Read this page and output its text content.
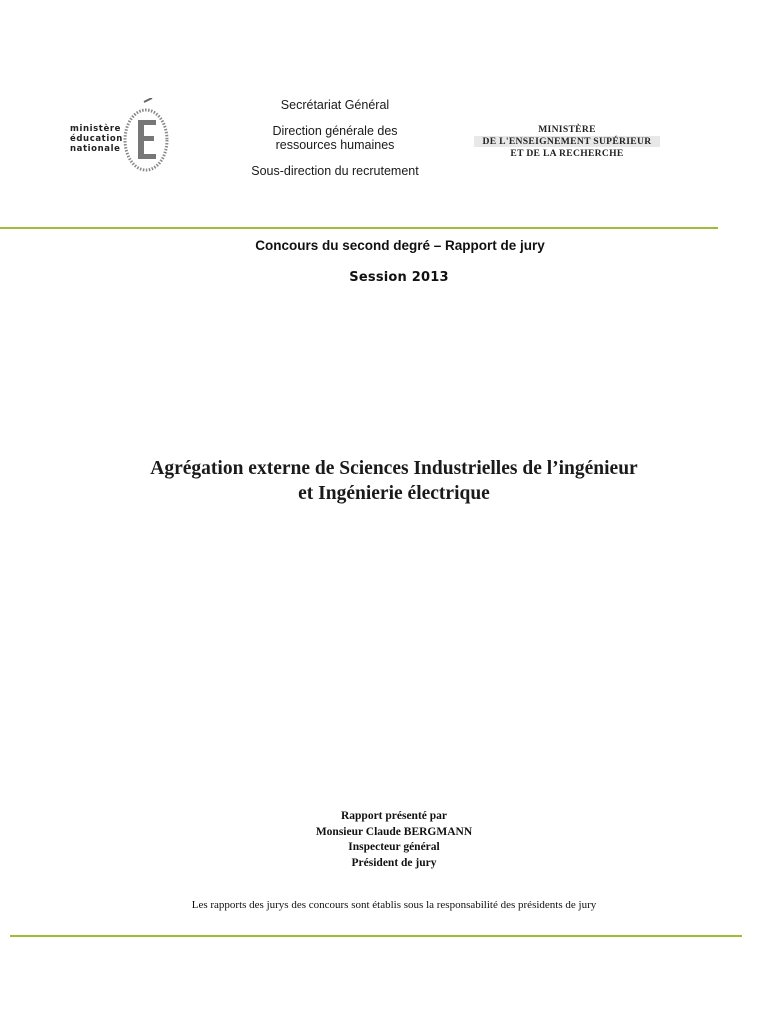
ministère
éducation
nationale
Secrétariat Général
Direction générale des
ressources humaines
Sous-direction du recrutement
MINISTÈRE
DE L'ENSEIGNEMENT SUPÉRIEUR
ET DE LA RECHERCHE
Concours du second degré – Rapport de jury
Session 2013
Agrégation externe de Sciences Industrielles de l’ingénieur
et Ingénierie électrique
Rapport présenté par
Monsieur Claude BERGMANN
Inspecteur général
Président de jury
Les rapports des jurys des concours sont établis sous la responsabilité des présidents de jury
